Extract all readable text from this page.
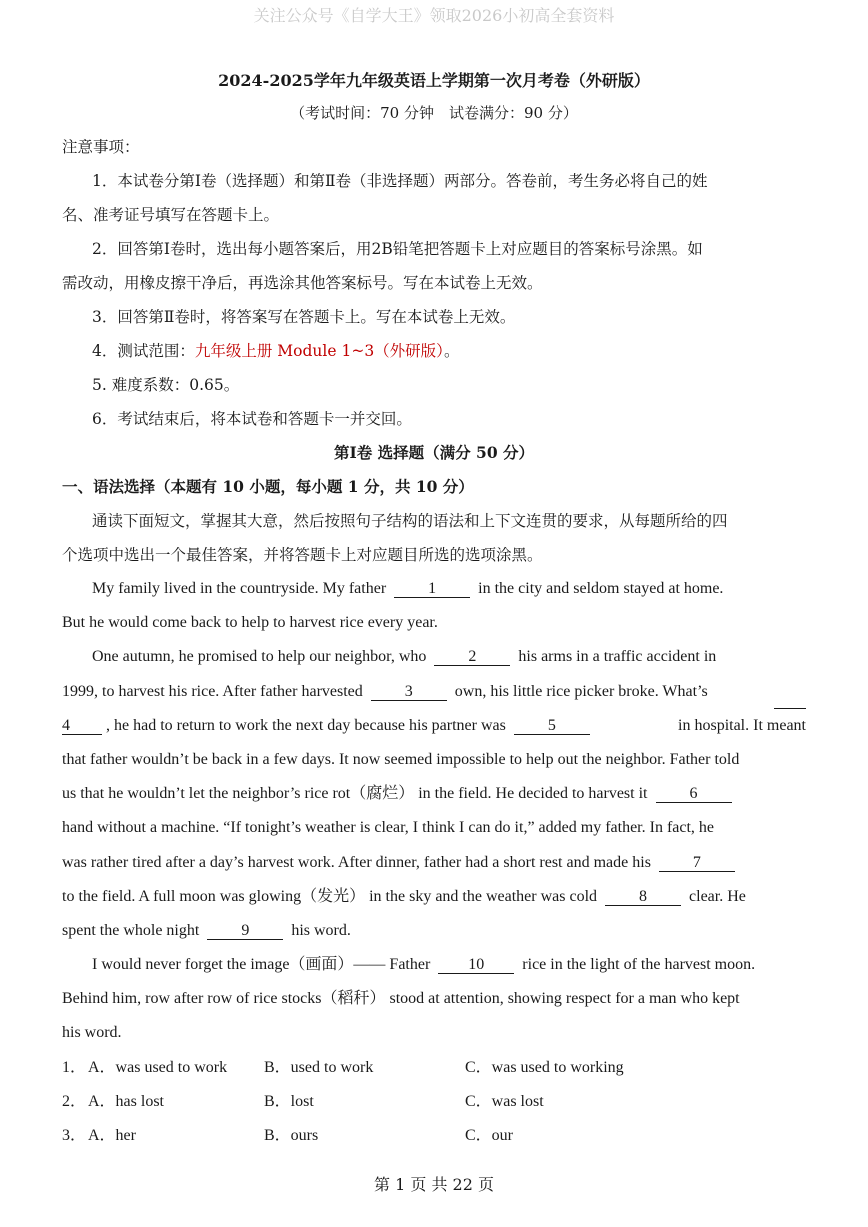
关注公众号《自学大王》领取2026小初高全套资料
2024-2025学年九年级英语上学期第一次月考卷（外研版）
（考试时间：70 分钟　试卷满分：90 分）
注意事项：
1．本试卷分第Ⅰ卷（选择题）和第Ⅱ卷（非选择题）两部分。答卷前，考生务必将自己的姓
名、准考证号填写在答题卡上。
2．回答第Ⅰ卷时，选出每小题答案后，用2B铅笔把答题卡上对应题目的答案标号涂黑。如
需改动，用橡皮擦干净后，再选涂其他答案标号。写在本试卷上无效。
3．回答第Ⅱ卷时，将答案写在答题卡上。写在本试卷上无效。
4．测试范围：九年级上册 Module 1~3（外研版）。
5. 难度系数：0.65。
6．考试结束后，将本试卷和答题卡一并交回。
第Ⅰ卷 选择题（满分 50 分）
一、语法选择（本题有 10 小题，每小题 1 分，共 10 分）
通读下面短文，掌握其大意，然后按照句子结构的语法和上下文连贯的要求，从每题所给的四
个选项中选出一个最佳答案，并将答题卡上对应题目所选的选项涂黑。
My family lived in the countryside. My father	1	in the city and seldom stayed at home.
But he would come back to help to harvest rice every year.
One autumn, he promised to help our neighbor, who	2	his arms in a traffic accident in
1999, to harvest his rice. After father harvested	3	own, his little rice picker broke. What’s
4 , he had to return to work the next day because his partner was	5	in hospital. It meant
that father wouldn’t be back in a few days. It now seemed impossible to help out the neighbor. Father told
us that he wouldn’t let the neighbor’s rice rot（腐烂） in the field. He decided to harvest it	6
hand without a machine. “If tonight’s weather is clear, I think I can do it,” added my father. In fact, he
was rather tired after a day’s harvest work. After dinner, father had a short rest and made his	7
to the field. A full moon was glowing（发光） in the sky and the weather was cold	8	clear. He
spent the whole night	9	his word.
I would never forget the image（画面）—— Father 10 rice in the light of the harvest moon.
Behind him, row after row of rice stocks（稻秆） stood at attention, showing respect for a man who kept
his word.
1． A．was used to work B．used to work	C．was used to working
2． A．has lost	B．lost	C．was lost
3． A．her	B．ours	C．our
第 1 页 共 22 页
